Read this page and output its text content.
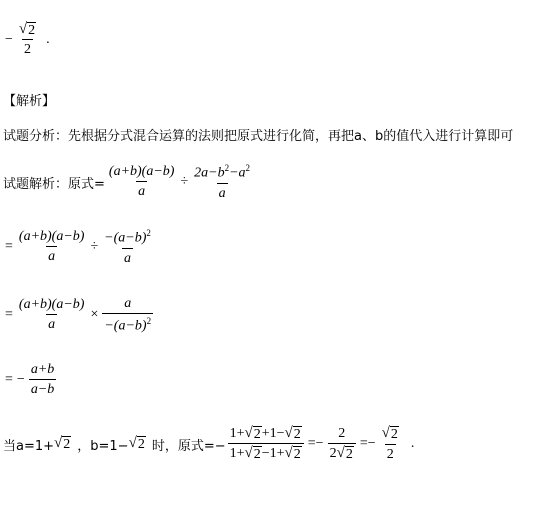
− $\frac{√ 2}{2}$ .
【解析】
试题分析： 先根据分式混合运算的法则把原式进行化简，再把a、b的值代入进行计算即可
试题解析：原式= $\frac{(a+b)(a-b)}{a} \div \frac{2a-b^2-a^2}{a}$
= $\frac{(a+b)(a-b)}{a} \div \frac{-(a-b)^2}{a}$
= $\frac{(a+b)(a-b)}{a} \times \frac{a}{-(a-b)^2}$
= − $\frac{a+b}{a-b}$
当a=1+ √ 2 ，b=1− √ 2 时，原式=− $\frac{1+ √ 2 +1- √ 2}{1+ √ 2 -1+ √ 2} =- \frac{2}{2 √ 2} =- \frac{√ 2}{2}$ .
